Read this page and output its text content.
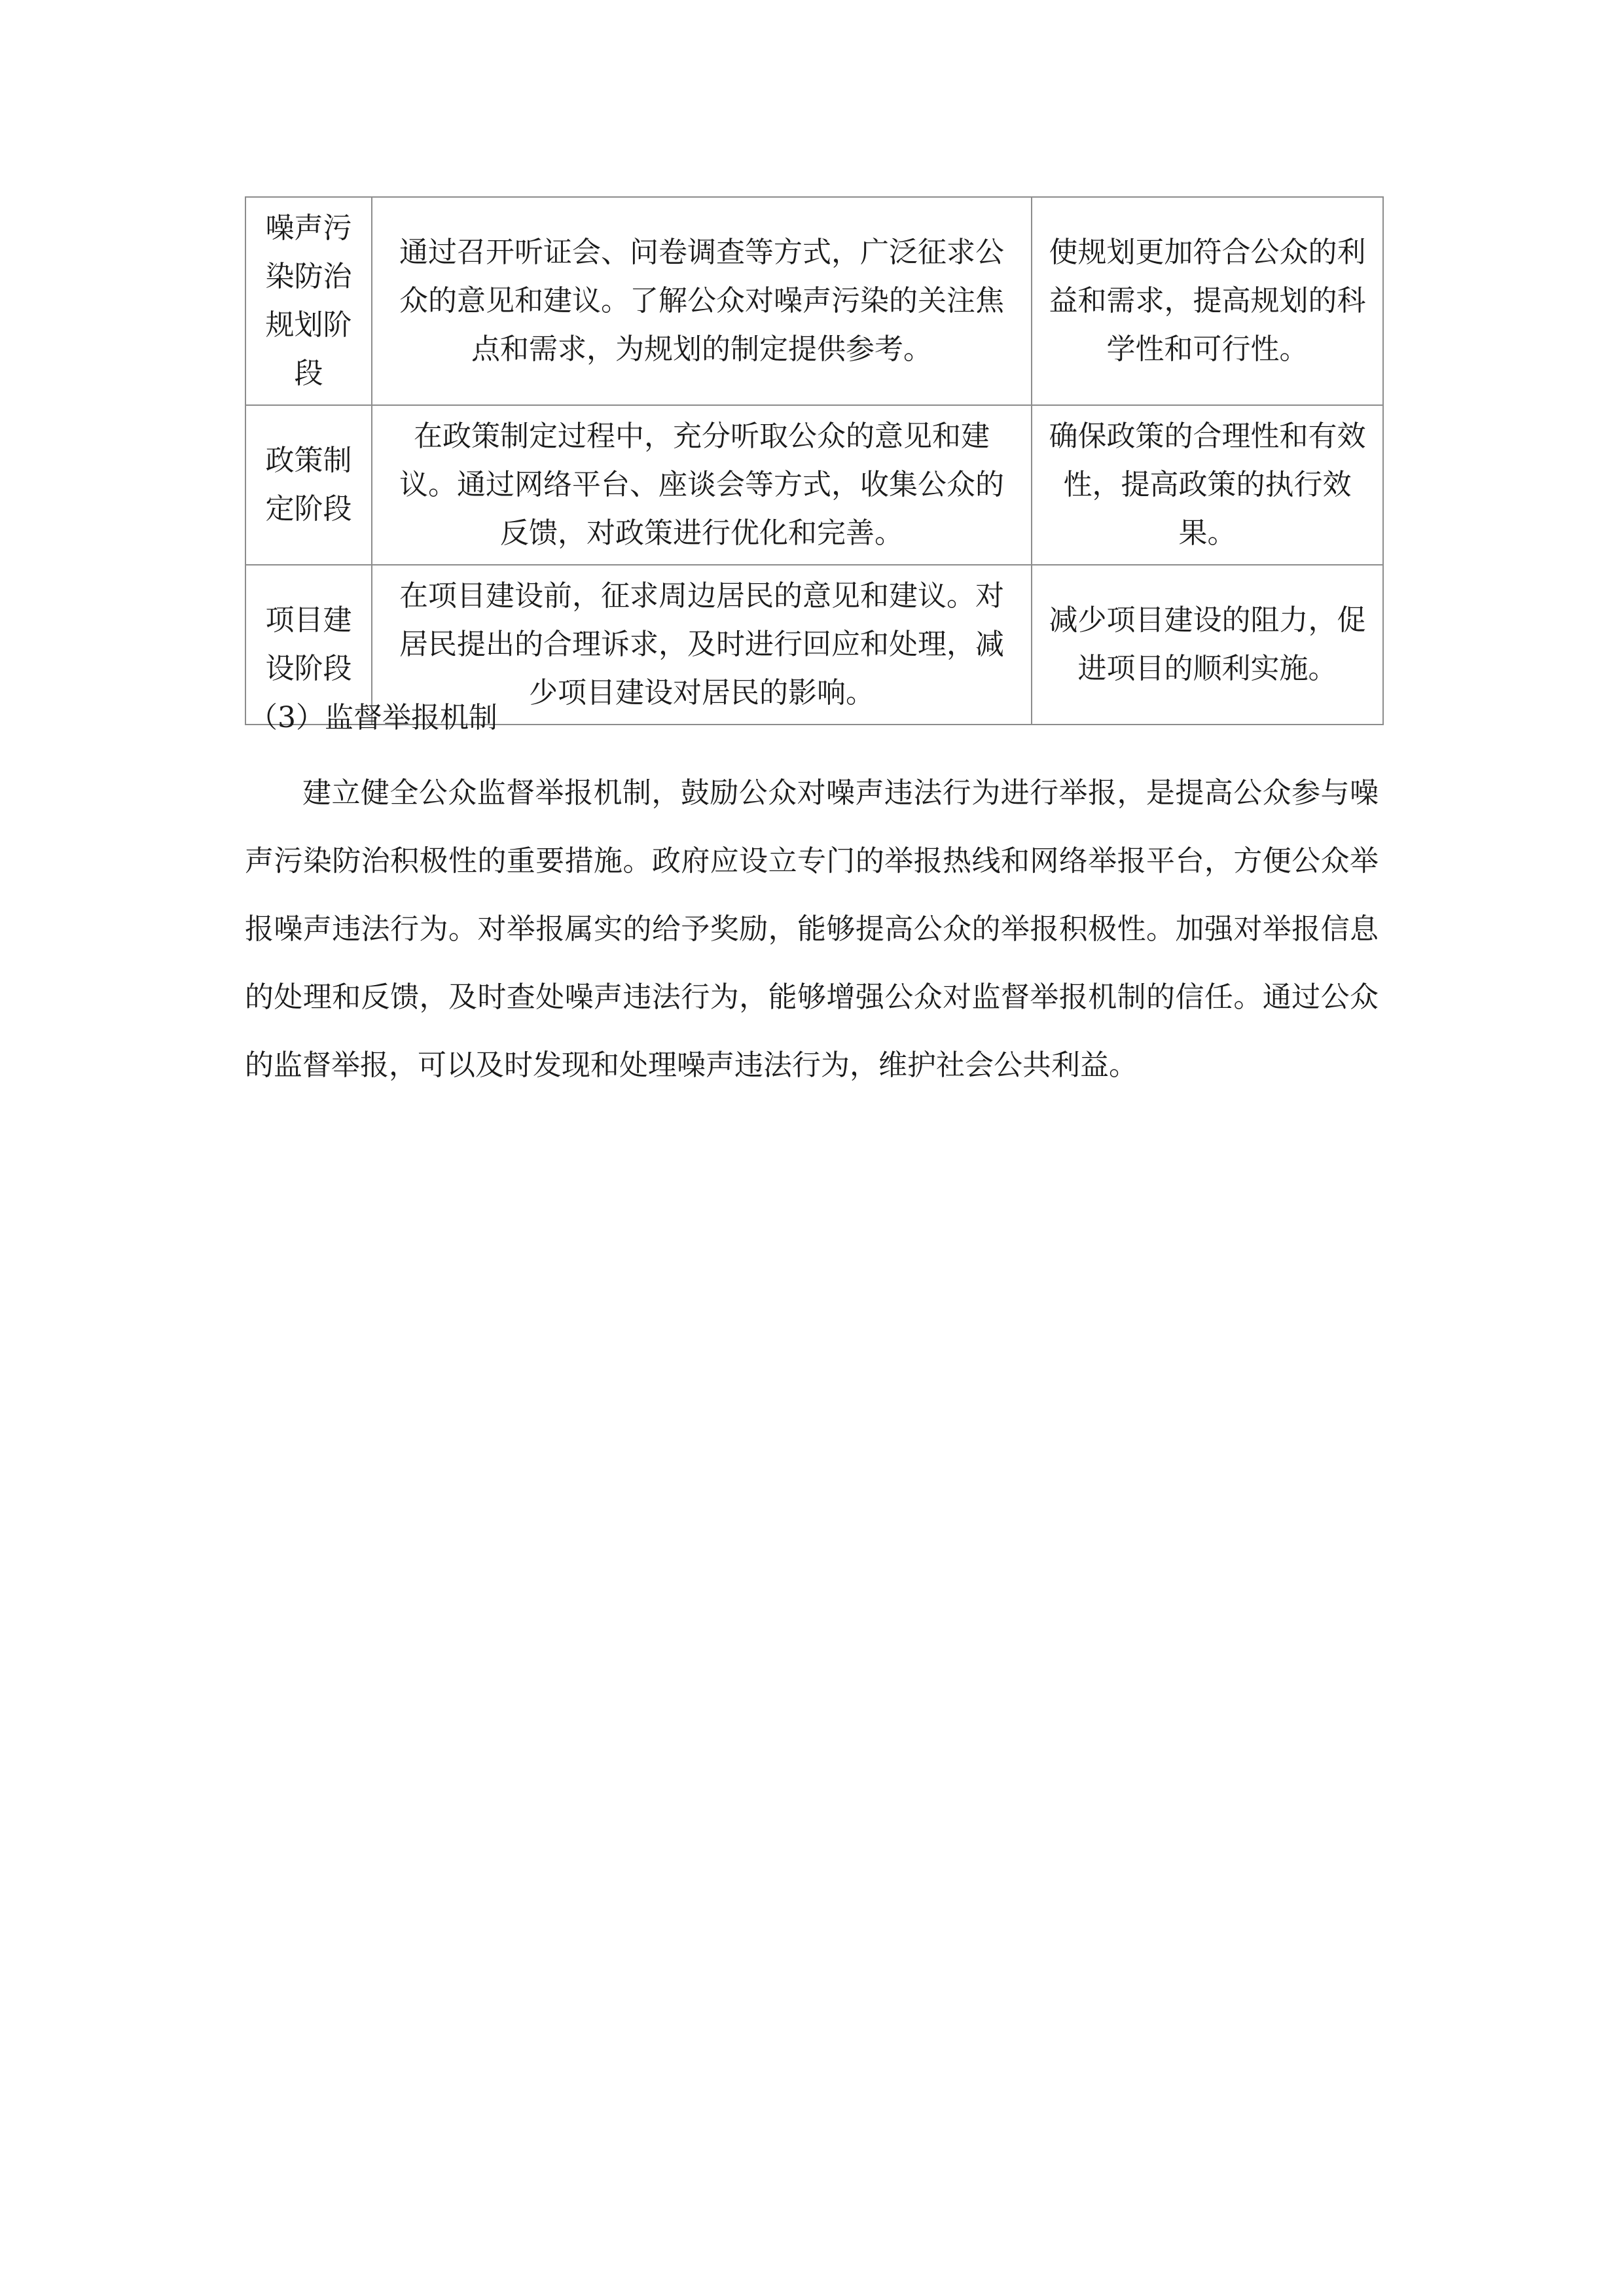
噪声污染防治规划阶段	通过召开听证会、问卷调查等方式，广泛征求公众的意见和建议。了解公众对噪声污染的关注焦点和需求，为规划的制定提供参考。	使规划更加符合公众的利益和需求，提高规划的科学性和可行性。
政策制定阶段	在政策制定过程中，充分听取公众的意见和建议。通过网络平台、座谈会等方式，收集公众的反馈，对政策进行优化和完善。	确保政策的合理性和有效性，提高政策的执行效果。
项目建设阶段	在项目建设前，征求周边居民的意见和建议。对居民提出的合理诉求，及时进行回应和处理，减少项目建设对居民的影响。	减少项目建设的阻力，促进项目的顺利实施。
（3）监督举报机制

建立健全公众监督举报机制，鼓励公众对噪声违法行为进行举报，是提高公众参与噪声污染防治积极性的重要措施。政府应设立专门的举报热线和网络举报平台，方便公众举报噪声违法行为。对举报属实的给予奖励，能够提高公众的举报积极性。加强对举报信息的处理和反馈，及时查处噪声违法行为，能够增强公众对监督举报机制的信任。通过公众的监督举报，可以及时发现和处理噪声违法行为，维护社会公共利益。
